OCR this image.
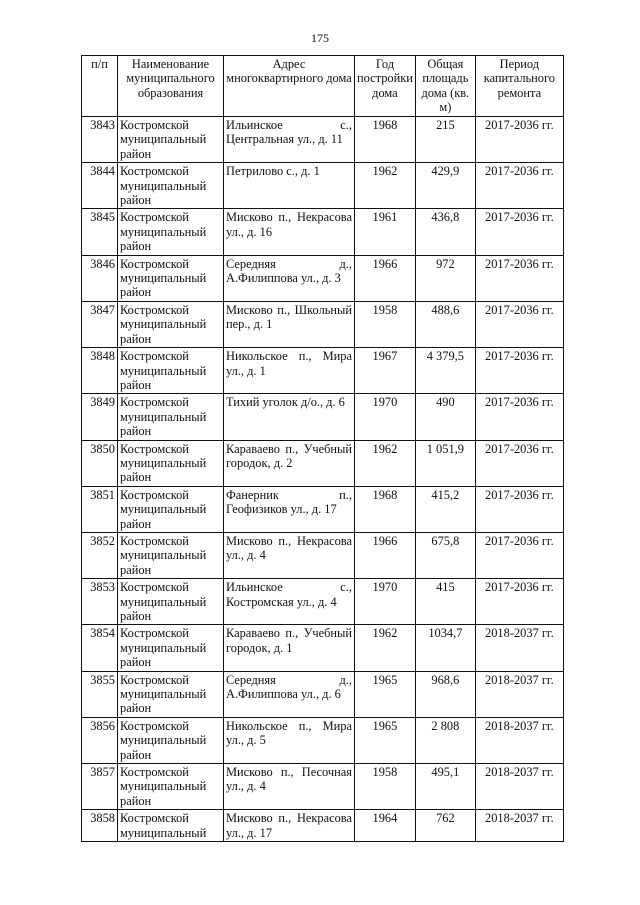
175
п/п	Наименование муниципального образования	Адрес многоквартирного дома	Год постройки дома	Общая площадь дома (кв. м)	Период капитального ремонта
3843	Костромской муниципальный район	Ильинское с., Центральная ул., д. 11	1968	215	2017-2036 гг.
3844	Костромской муниципальный район	Петрилово с., д. 1	1962	429,9	2017-2036 гг.
3845	Костромской муниципальный район	Мисково п., Некрасова ул., д. 16	1961	436,8	2017-2036 гг.
3846	Костромской муниципальный район	Середняя д., А.Филиппова ул., д. 3	1966	972	2017-2036 гг.
3847	Костромской муниципальный район	Мисково п., Школьный пер., д. 1	1958	488,6	2017-2036 гг.
3848	Костромской муниципальный район	Никольское п., Мира ул., д. 1	1967	4 379,5	2017-2036 гг.
3849	Костромской муниципальный район	Тихий уголок д/о., д. 6	1970	490	2017-2036 гг.
3850	Костромской муниципальный район	Караваево п., Учебный городок, д. 2	1962	1 051,9	2017-2036 гг.
3851	Костромской муниципальный район	Фанерник п., Геофизиков ул., д. 17	1968	415,2	2017-2036 гг.
3852	Костромской муниципальный район	Мисково п., Некрасова ул., д. 4	1966	675,8	2017-2036 гг.
3853	Костромской муниципальный район	Ильинское с., Костромская ул., д. 4	1970	415	2017-2036 гг.
3854	Костромской муниципальный район	Караваево п., Учебный городок, д. 1	1962	1034,7	2018-2037 гг.
3855	Костромской муниципальный район	Середняя д., А.Филиппова ул., д. 6	1965	968,6	2018-2037 гг.
3856	Костромской муниципальный район	Никольское п., Мира ул., д. 5	1965	2 808	2018-2037 гг.
3857	Костромской муниципальный район	Мисково п., Песочная ул., д. 4	1958	495,1	2018-2037 гг.
3858	Костромской муниципальный	Мисково п., Некрасова ул., д. 17	1964	762	2018-2037 гг.
